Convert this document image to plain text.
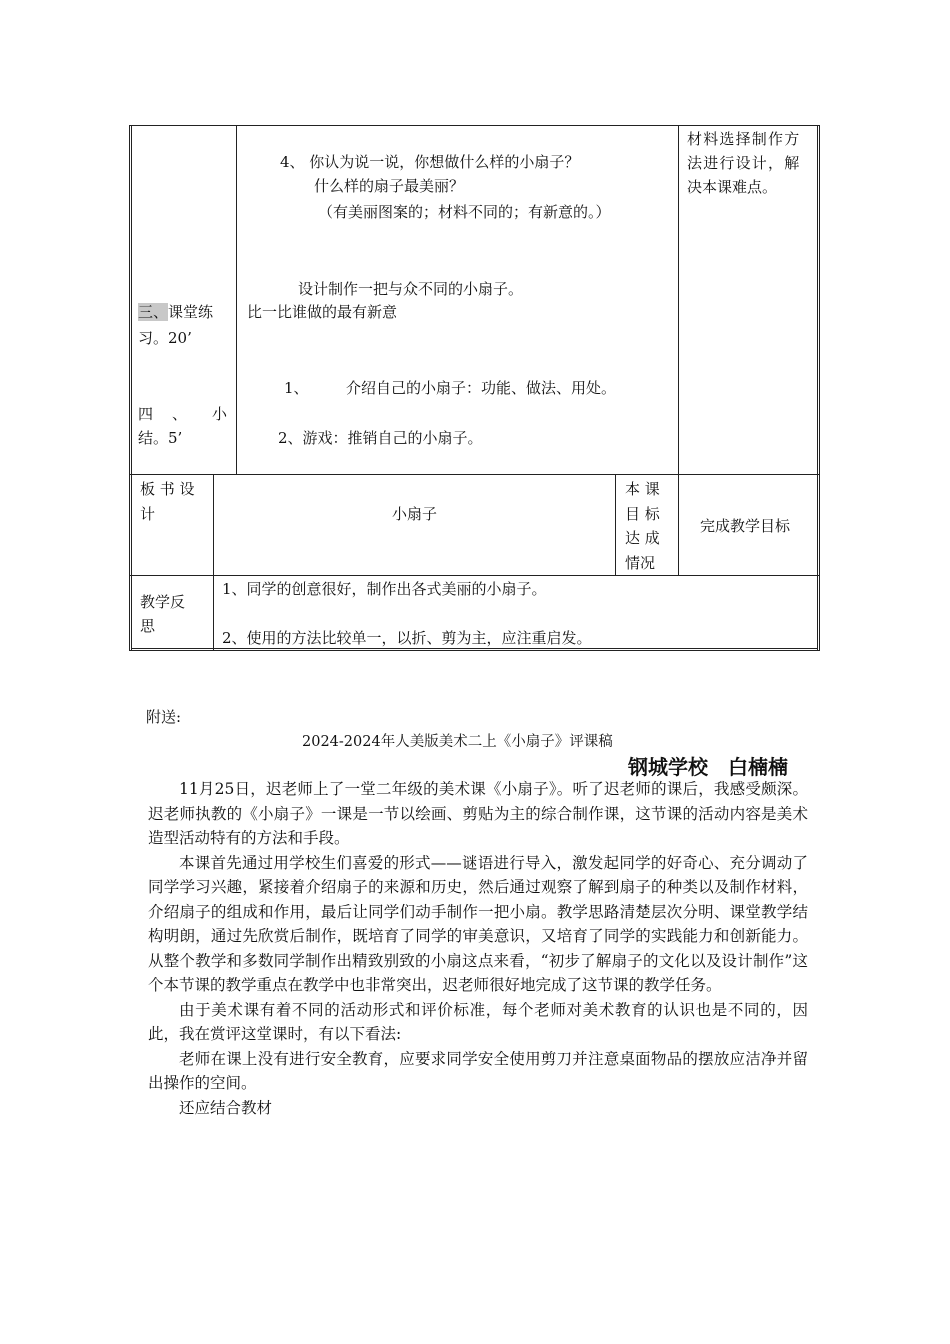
材料选择制作方
法进行设计，解
决本课难点。
4、 你认为说一说，你想做什么样的小扇子？
什么样的扇子最美丽？
（有美丽图案的；材料不同的；有新意的。）
设计制作一把与众不同的小扇子。
比一比谁做的最有新意
1、 介绍自己的小扇子：功能、做法、用处。
2、游戏：推销自己的小扇子。
三、课堂练
习。20’
四 、 小
结。5’
板 书 设
计	小扇子
本 课
目 标
达 成
情况
完成教学目标
教学反
思
1、同学的创意很好，制作出各式美丽的小扇子。
2、使用的方法比较单一，以折、剪为主，应注重启发。
附送:
2024-2024年人美版美术二上《小扇子》评课稿
钢城学校　白楠楠

11月25日，迟老师上了一堂二年级的美术课《小扇子》。听了迟老师的课后，我感受颇深。迟老师执教的《小扇子》一课是一节以绘画、剪贴为主的综合制作课，这节课的活动内容是美术造型活动特有的方法和手段。

本课首先通过用学校生们喜爱的形式——谜语进行导入，激发起同学的好奇心、充分调动了同学学习兴趣，紧接着介绍扇子的来源和历史，然后通过观察了解到扇子的种类以及制作材料，介绍扇子的组成和作用，最后让同学们动手制作一把小扇。教学思路清楚层次分明、课堂教学结构明朗，通过先欣赏后制作，既培育了同学的审美意识，又培育了同学的实践能力和创新能力。从整个教学和多数同学制作出精致别致的小扇这点来看，“初步了解扇子的文化以及设计制作”这个本节课的教学重点在教学中也非常突出，迟老师很好地完成了这节课的教学任务。

由于美术课有着不同的活动形式和评价标准，每个老师对美术教育的认识也是不同的，因此，我在赏评这堂课时，有以下看法:

老师在课上没有进行安全教育，应要求同学安全使用剪刀并注意桌面物品的摆放应洁净并留出操作的空间。

还应结合教材
